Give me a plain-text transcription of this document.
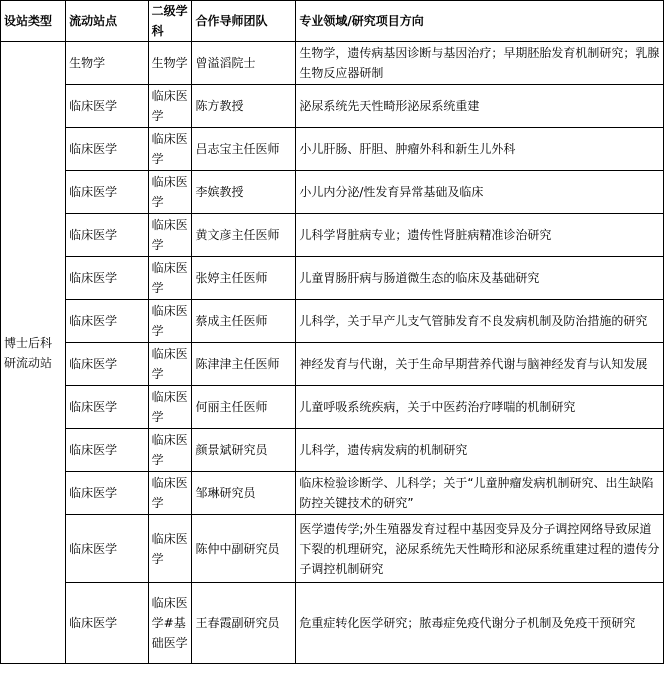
设站类型	流动站点	二级学科	合作导师团队	专业领域/研究项目方向
博士后科研流动站	生物学	生物学	曾溢滔院士	生物学，遗传病基因诊断与基因治疗；早期胚胎发育机制研究；乳腺生物反应器研制
	临床医学	临床医学	陈方教授	泌尿系统先天性畸形泌尿系统重建
	临床医学	临床医学	吕志宝主任医师	小儿肝肠、肝胆、肿瘤外科和新生儿外科
	临床医学	临床医学	李嫔教授	小儿内分泌/性发育异常基础及临床
	临床医学	临床医学	黄文彦主任医师	儿科学肾脏病专业；遗传性肾脏病精准诊治研究
	临床医学	临床医学	张婷主任医师	儿童胃肠肝病与肠道微生态的临床及基础研究
	临床医学	临床医学	蔡成主任医师	儿科学，关于早产儿支气管肺发育不良发病机制及防治措施的研究
	临床医学	临床医学	陈津津主任医师	神经发育与代谢，关于生命早期营养代谢与脑神经发育与认知发展
	临床医学	临床医学	何丽主任医师	儿童呼吸系统疾病，关于中医药治疗哮喘的机制研究
	临床医学	临床医学	颜景斌研究员	儿科学，遗传病发病的机制研究
	临床医学	临床医学	邹琳研究员	临床检验诊断学、儿科学；关于“儿童肿瘤发病机制研究、出生缺陷防控关键技术的研究”
	临床医学	临床医学	陈仲中副研究员	医学遗传学;外生殖器发育过程中基因变异及分子调控网络导致尿道下裂的机理研究，泌尿系统先天性畸形和泌尿系统重建过程的遗传分子调控机制研究
	临床医学	临床医学#基础医学	王春霞副研究员	危重症转化医学研究；脓毒症免疫代谢分子机制及免疫干预研究
